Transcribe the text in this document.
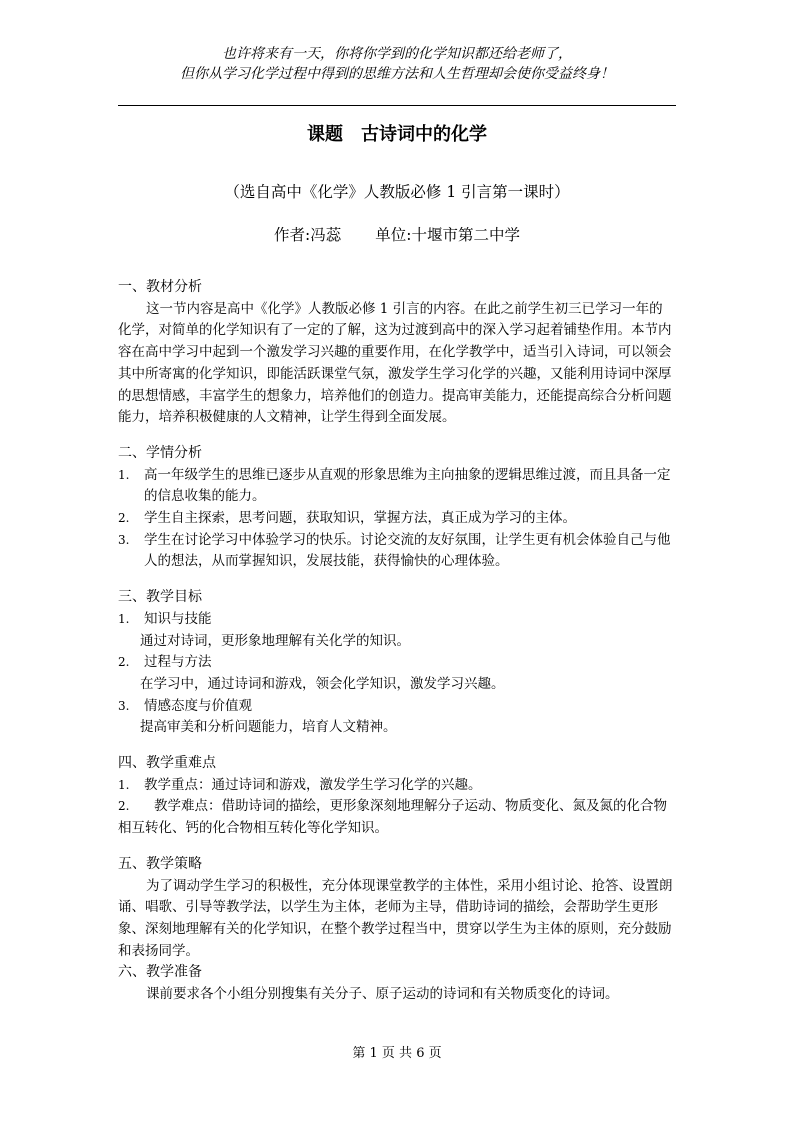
也许将来有一天，你将你学到的化学知识都还给老师了，
但你从学习化学过程中得到的思维方法和人生哲理却会使你受益终身！
课题　古诗词中的化学
（选自高中《化学》人教版必修 1 引言第一课时）
作者:冯蕊 单位:十堰市第二中学

一、教材分析

这一节内容是高中《化学》人教版必修 1 引言的内容。在此之前学生初三已学习一年的化学，对简单的化学知识有了一定的了解，这为过渡到高中的深入学习起着铺垫作用。本节内容在高中学习中起到一个激发学习兴趣的重要作用，在化学教学中，适当引入诗词，可以领会其中所寄寓的化学知识，即能活跃课堂气氛，激发学生学习化学的兴趣，又能利用诗词中深厚的思想情感，丰富学生的想象力，培养他们的创造力。提高审美能力，还能提高综合分析问题能力，培养积极健康的人文精神，让学生得到全面发展。

二、学情分析

1. 高一年级学生的思维已逐步从直观的形象思维为主向抽象的逻辑思维过渡，而且具备一定的信息收集的能力。
2. 学生自主探索，思考问题，获取知识，掌握方法，真正成为学习的主体。
3. 学生在讨论学习中体验学习的快乐。讨论交流的友好氛围，让学生更有机会体验自己与他人的想法，从而掌握知识，发展技能，获得愉快的心理体验。

三、教学目标

1. 知识与技能

通过对诗词，更形象地理解有关化学的知识。

2. 过程与方法

在学习中，通过诗词和游戏，领会化学知识，激发学习兴趣。

3. 情感态度与价值观

提高审美和分析问题能力，培育人文精神。

四、教学重难点

1. 教学重点：通过诗词和游戏，激发学生学习化学的兴趣。
2.	教学难点：借助诗词的描绘，更形象深刻地理解分子运动、物质变化、氮及氮的化合物相互转化、钙的化合物相互转化等化学知识。

五、教学策略

为了调动学生学习的积极性，充分体现课堂教学的主体性，采用小组讨论、抢答、设置朗诵、唱歌、引导等教学法，以学生为主体，老师为主导，借助诗词的描绘，会帮助学生更形象、深刻地理解有关的化学知识，在整个教学过程当中，贯穿以学生为主体的原则，充分鼓励和表扬同学。

六、教学准备

课前要求各个小组分别搜集有关分子、原子运动的诗词和有关物质变化的诗词。

第 1 页 共 6 页
